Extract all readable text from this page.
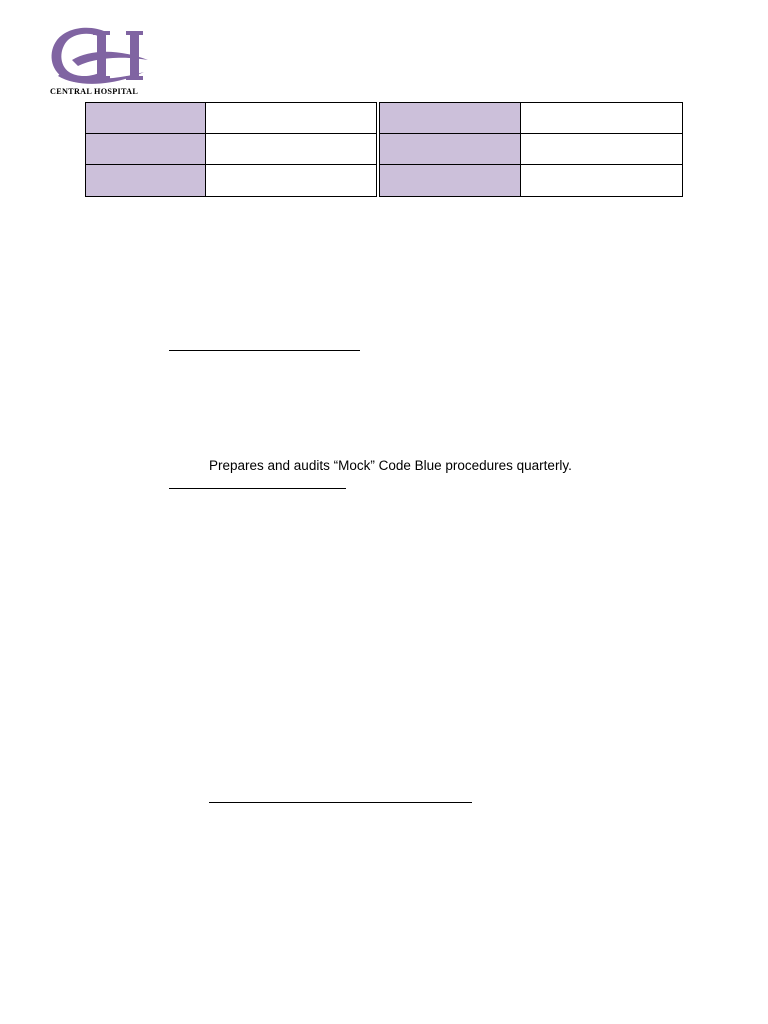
CENTRAL HOSPITAL
Prepares and audits “Mock” Code Blue procedures quarterly.
